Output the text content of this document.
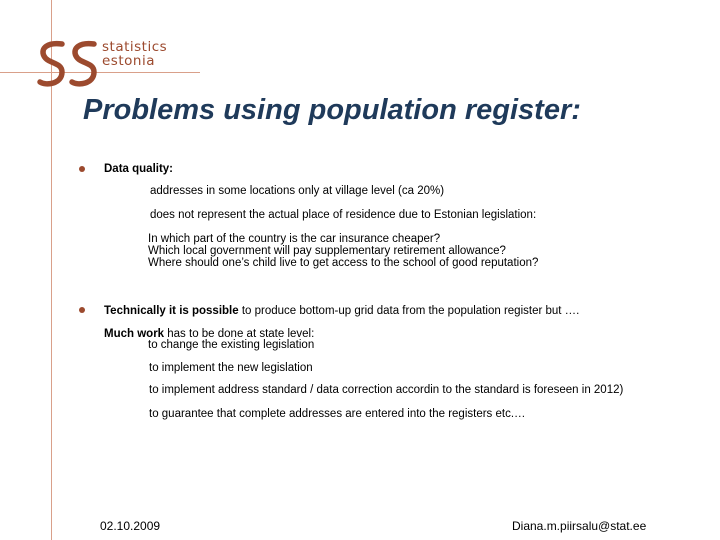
statistics
estonia
Problems using population register:
Data quality:
addresses in some locations only at village level (ca 20%)
does not represent the actual place of residence due to Estonian legislation:
In which part of the country is the car insurance cheaper?
Which local government will pay supplementary retirement allowance?
Where should one’s child live to get access to the school of good reputation?
Technically it is possible to produce bottom-up grid data from the population register but ….
Much work has to be done at state level:
to change the existing legislation
to implement the new legislation
to implement address standard / data correction accordin to the standard is foreseen in 2012)
to guarantee that complete addresses are entered into the registers etc.…
02.10.2009	Diana.m.piirsalu@stat.ee
